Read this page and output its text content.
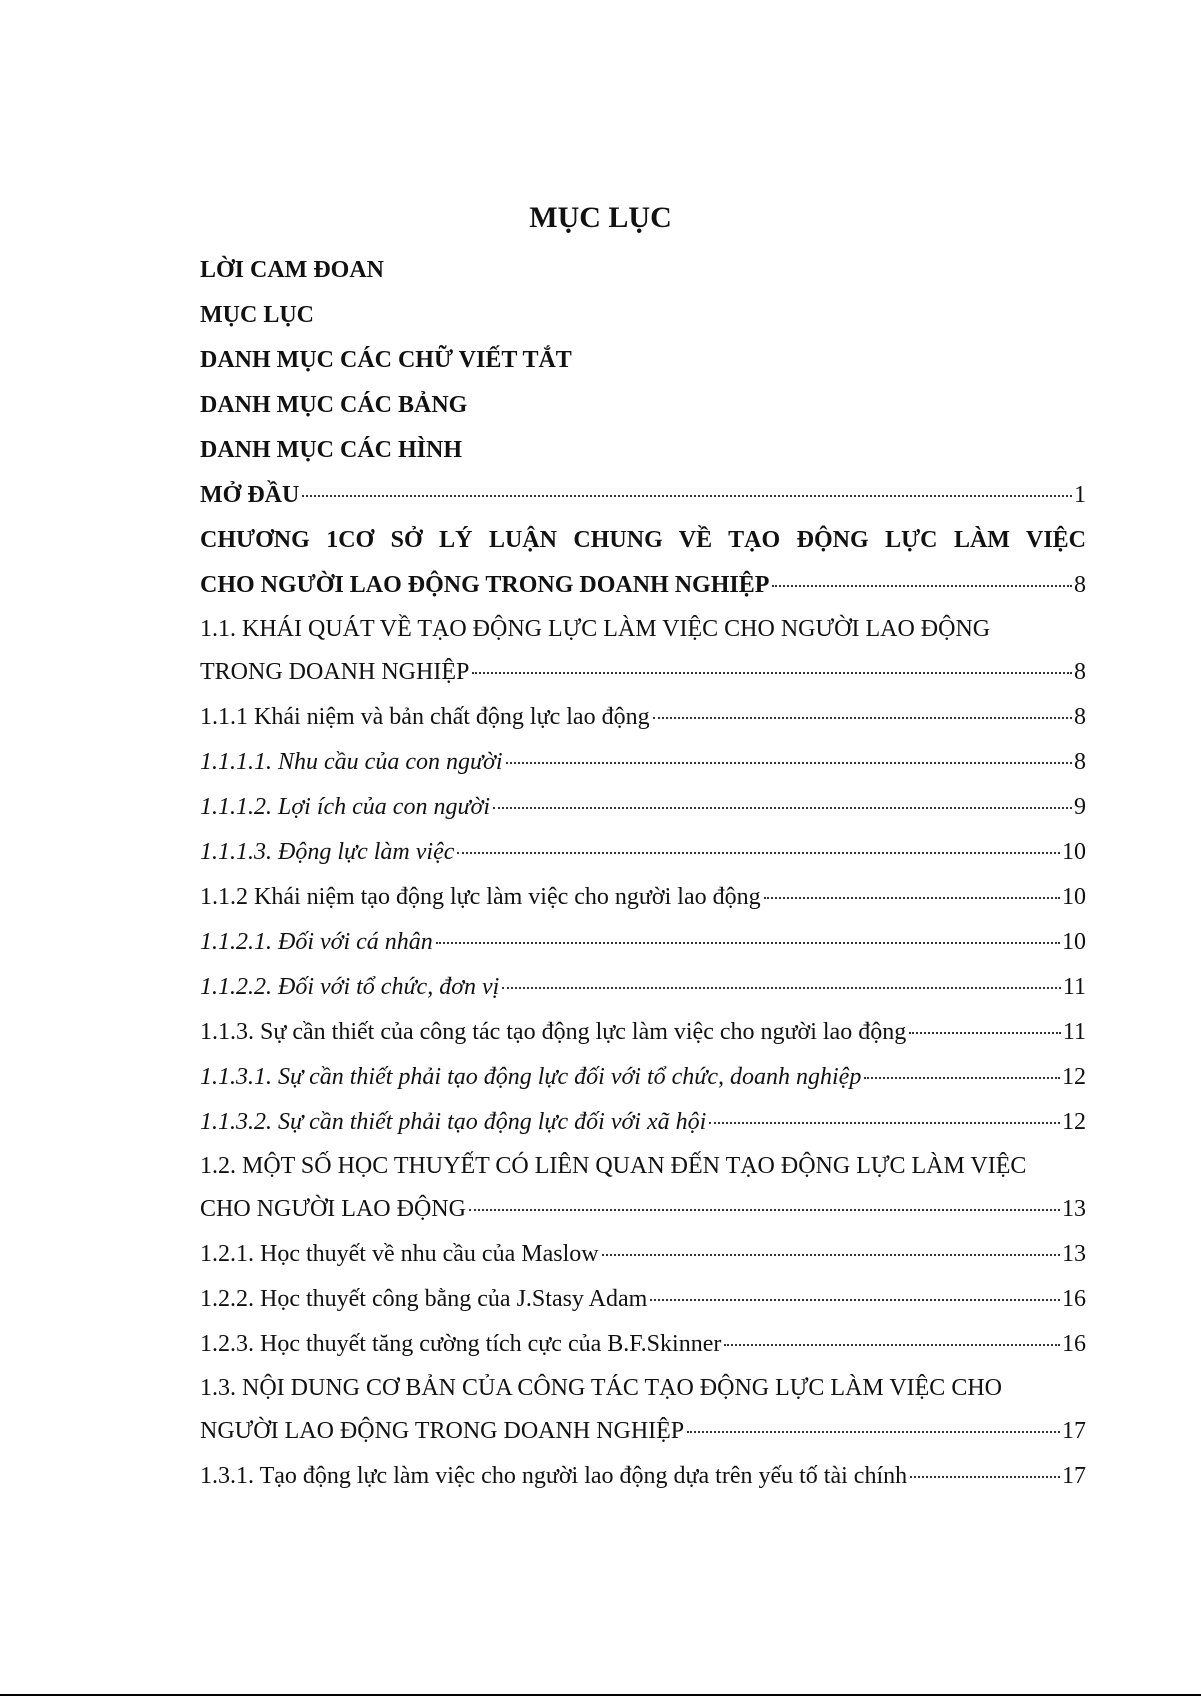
MỤC LỤC
LỜI CAM ĐOAN
MỤC LỤC
DANH MỤC CÁC CHỮ VIẾT TẮT
DANH MỤC CÁC BẢNG
DANH MỤC CÁC HÌNH
MỞ ĐẦU	1
CHƯƠNG 1CƠ SỞ LÝ LUẬN CHUNG VỀ TẠO ĐỘNG LỰC LÀM VIỆC
CHO NGƯỜI LAO ĐỘNG TRONG DOANH NGHIỆP	8
1.1. KHÁI QUÁT VỀ TẠO ĐỘNG LỰC LÀM VIỆC CHO NGƯỜI LAO ĐỘNG
TRONG DOANH NGHIỆP	8
1.1.1 Khái niệm và bản chất động lực lao động	8
1.1.1.1. Nhu cầu của con người	8
1.1.1.2. Lợi ích của con người	9
1.1.1.3. Động lực làm việc	10
1.1.2 Khái niệm tạo động lực làm việc cho người lao động	10
1.1.2.1. Đối với cá nhân	10
1.1.2.2. Đối với tổ chức, đơn vị	11
1.1.3. Sự cần thiết của công tác tạo động lực làm việc cho người lao động	11
1.1.3.1. Sự cần thiết phải tạo động lực đối với tổ chức, doanh nghiệp	12
1.1.3.2. Sự cần thiết phải tạo động lực đối với xã hội	12
1.2. MỘT SỐ HỌC THUYẾT CÓ LIÊN QUAN ĐẾN TẠO ĐỘNG LỰC LÀM VIỆC
CHO NGƯỜI LAO ĐỘNG	13
1.2.1. Học thuyết về nhu cầu của Maslow	13
1.2.2. Học thuyết công bằng của J.Stasy Adam	16
1.2.3. Học thuyết tăng cường tích cực của B.F.Skinner	16
1.3. NỘI DUNG CƠ BẢN CỦA CÔNG TÁC TẠO ĐỘNG LỰC LÀM VIỆC CHO
NGƯỜI LAO ĐỘNG TRONG DOANH NGHIỆP	17
1.3.1. Tạo động lực làm việc cho người lao động dựa trên yếu tố tài chính	17
